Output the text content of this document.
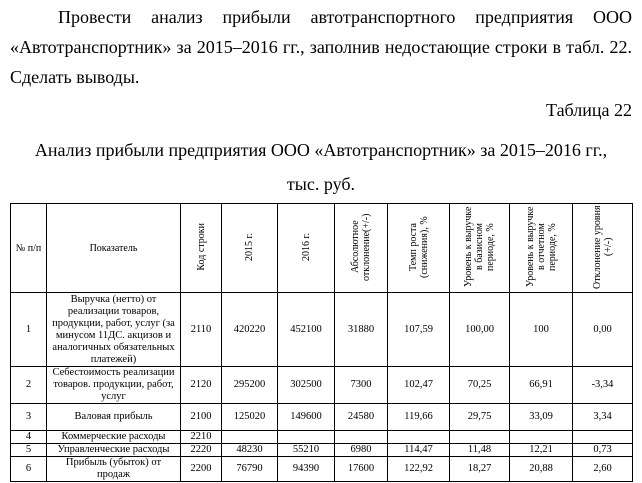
Провести анализ прибыли автотранспортного предприятия ООО «Автотранспортник» за 2015–2016 гг., заполнив недостающие строки в табл. 22. Сделать выводы.

Таблица 22

Анализ прибыли предприятия ООО «Автотранспортник» за 2015–2016 гг.,

тыс. руб.

№ п/п	Показатель	Код строки	2015 г.	2016 г.	Абсолютное отклонение(+/-)	Темп роста (снижения), %	Уровень к выручке в базисном периоде, %	Уровень к выручке в отчетном периоде, %	Отклонение уровня (+/-)
1	Выручка (нетто) от реализации товаров, продукции, работ, услуг (за минусом 11ДС. акцизов и аналогичных обязательных платежей)	2110	420220	452100	31880	107,59	100,00	100	0,00
2	Себестоимость реализации товаров. продукции, работ, услуг	2120	295200	302500	7300	102,47	70,25	66,91	-3,34
3	Валовая прибыль	2100	125020	149600	24580	119,66	29,75	33,09	3,34
4	Коммерческие расходы	2210							
5	Управленческие расходы	2220	48230	55210	6980	114,47	11,48	12,21	0,73
6	Прибыль (убыток) от продаж	2200	76790	94390	17600	122,92	18,27	20,88	2,60
